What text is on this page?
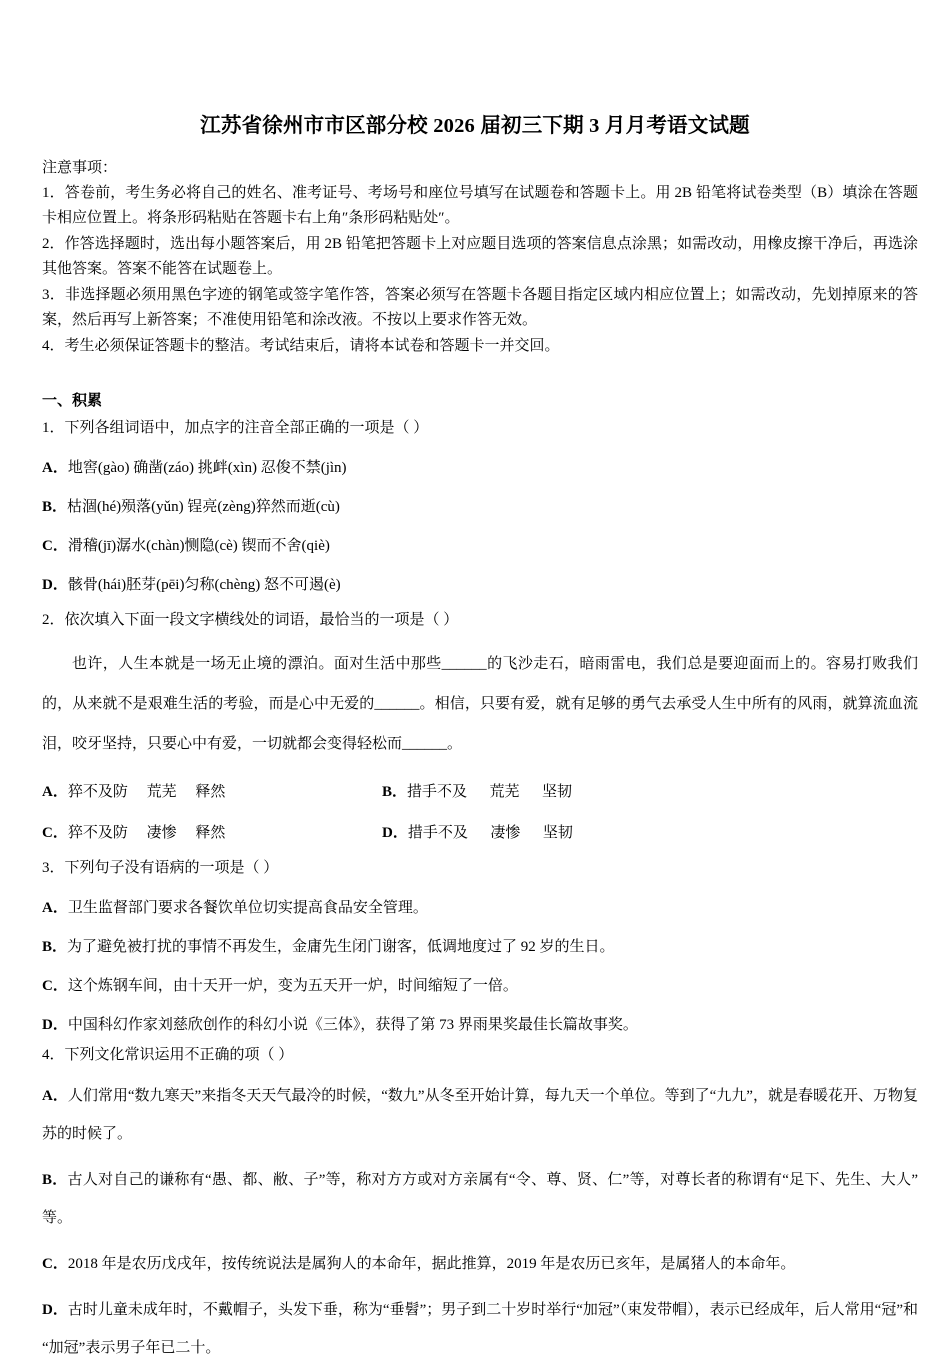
江苏省徐州市市区部分校 2026 届初三下期 3 月月考语文试题

注意事项：

1．答卷前，考生务必将自己的姓名、准考证号、考场号和座位号填写在试题卷和答题卡上。用 2B 铅笔将试卷类型（B）填涂在答题卡相应位置上。将条形码粘贴在答题卡右上角″条形码粘贴处″。

2．作答选择题时，选出每小题答案后，用 2B 铅笔把答题卡上对应题目选项的答案信息点涂黑；如需改动，用橡皮擦干净后，再选涂其他答案。答案不能答在试题卷上。

3．非选择题必须用黑色字迹的钢笔或签字笔作答，答案必须写在答题卡各题目指定区域内相应位置上；如需改动，先划掉原来的答案，然后再写上新答案；不准使用铅笔和涂改液。不按以上要求作答无效。

4．考生必须保证答题卡的整洁。考试结束后，请将本试卷和答题卡一并交回。

一、积累

1．下列各组词语中，加点字的注音全部正确的一项是（ ）

A．地窖(gào) 确凿(záo) 挑衅(xìn) 忍俊不禁(jìn)

B．枯涸(hé)殒落(yǔn) 锃亮(zèng)猝然而逝(cù)

C．滑稽(jī)潺水(chàn)恻隐(cè) 锲而不舍(qiè)

D．骸骨(hái)胚芽(pēi)匀称(chèng) 怒不可遏(è)

2．依次填入下面一段文字横线处的词语，最恰当的一项是（ ）

也许，人生本就是一场无止境的漂泊。面对生活中那些______的飞沙走石，暗雨雷电，我们总是要迎面而上的。容易打败我们的，从来就不是艰难生活的考验，而是心中无爱的______。相信，只要有爱，就有足够的勇气去承受人生中所有的风雨，就算流血流泪，咬牙坚持，只要心中有爱，一切就都会变得轻松而______。

A． 猝不及防     荒芜     释然	B． 措手不及      荒芜      坚韧
C． 猝不及防     凄惨     释然	D． 措手不及      凄惨      坚韧

3．下列句子没有语病的一项是（ ）

A．卫生监督部门要求各餐饮单位切实提高食品安全管理。

B．为了避免被打扰的事情不再发生，金庸先生闭门谢客，低调地度过了 92 岁的生日。

C．这个炼钢车间，由十天开一炉，变为五天开一炉，时间缩短了一倍。

D．中国科幻作家刘慈欣创作的科幻小说《三体》，获得了第 73 界雨果奖最佳长篇故事奖。

4．下列文化常识运用不正确的项（ ）

A．人们常用“数九寒天”来指冬天天气最冷的时候，“数九”从冬至开始计算，每九天一个单位。等到了“九九”，就是春暖花开、万物复苏的时候了。

B．古人对自己的谦称有“愚、都、敝、子”等，称对方方或对方亲属有“令、尊、贤、仁”等，对尊长者的称谓有“足下、先生、大人”等。

C．2018 年是农历戊戌年，按传统说法是属狗人的本命年，据此推算，2019 年是农历已亥年，是属猪人的本命年。

D．古时儿童未成年时，不戴帽子，头发下垂，称为“垂髫”；男子到二十岁时举行“加冠”（束发带帽），表示已经成年，后人常用“冠”和“加冠”表示男子年已二十。
